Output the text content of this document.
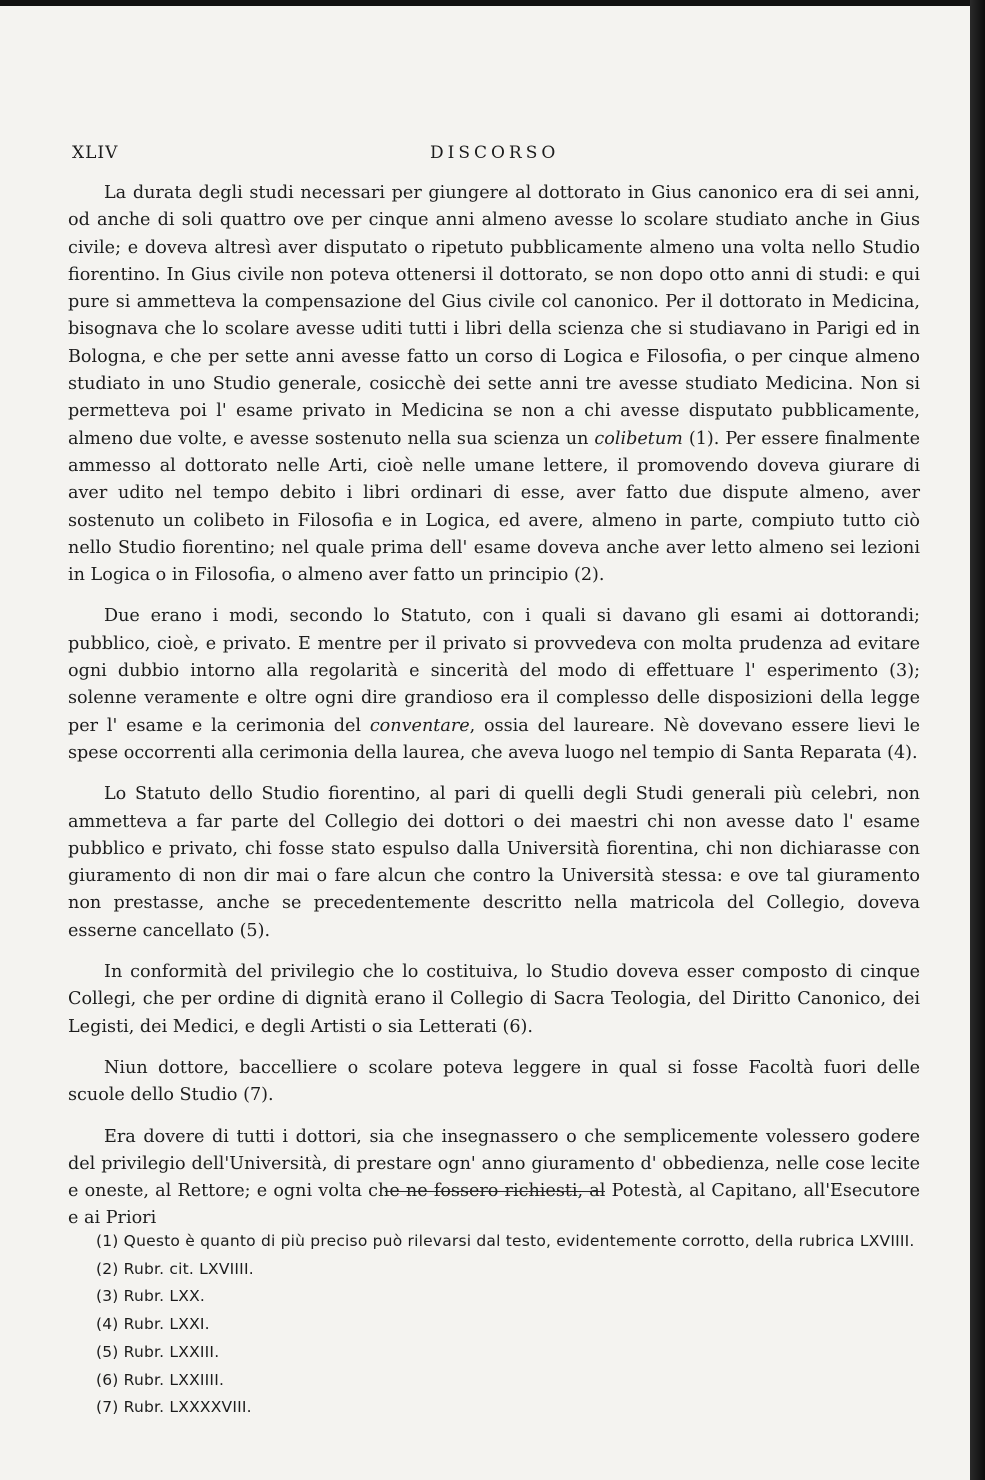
XLIV	DISCORSO

La durata degli studi necessari per giungere al dottorato in Gius canonico era di sei anni, od anche di soli quattro ove per cinque anni almeno avesse lo scolare studiato anche in Gius civile; e doveva altresì aver disputato o ripetuto pubblicamente almeno una volta nello Studio fiorentino. In Gius civile non poteva ottenersi il dottorato, se non dopo otto anni di studi: e qui pure si ammetteva la compensazione del Gius civile col canonico. Per il dottorato in Medicina, bisognava che lo scolare avesse uditi tutti i libri della scienza che si studiavano in Parigi ed in Bologna, e che per sette anni avesse fatto un corso di Logica e Filosofia, o per cinque almeno studiato in uno Studio generale, cosicchè dei sette anni tre avesse studiato Medicina. Non si permetteva poi l' esame privato in Medicina se non a chi avesse disputato pubblicamente, almeno due volte, e avesse sostenuto nella sua scienza un colibetum (1). Per essere finalmente ammesso al dottorato nelle Arti, cioè nelle umane lettere, il promovendo doveva giurare di aver udito nel tempo debito i libri ordinari di esse, aver fatto due dispute almeno, aver sostenuto un colibeto in Filosofia e in Logica, ed avere, almeno in parte, compiuto tutto ciò nello Studio fiorentino; nel quale prima dell' esame doveva anche aver letto almeno sei lezioni in Logica o in Filosofia, o almeno aver fatto un principio (2).

Due erano i modi, secondo lo Statuto, con i quali si davano gli esami ai dottorandi; pubblico, cioè, e privato. E mentre per il privato si provvedeva con molta prudenza ad evitare ogni dubbio intorno alla regolarità e sincerità del modo di effettuare l' esperimento (3); solenne veramente e oltre ogni dire grandioso era il complesso delle disposizioni della legge per l' esame e la cerimonia del conventare, ossia del laureare. Nè dovevano essere lievi le spese occorrenti alla cerimonia della laurea, che aveva luogo nel tempio di Santa Reparata (4).

Lo Statuto dello Studio fiorentino, al pari di quelli degli Studi generali più celebri, non ammetteva a far parte del Collegio dei dottori o dei maestri chi non avesse dato l' esame pubblico e privato, chi fosse stato espulso dalla Università fiorentina, chi non dichiarasse con giuramento di non dir mai o fare alcun che contro la Università stessa: e ove tal giuramento non prestasse, anche se precedentemente descritto nella matricola del Collegio, doveva esserne cancellato (5).

In conformità del privilegio che lo costituiva, lo Studio doveva esser composto di cinque Collegi, che per ordine di dignità erano il Collegio di Sacra Teologia, del Diritto Canonico, dei Legisti, dei Medici, e degli Artisti o sia Letterati (6).

Niun dottore, baccelliere o scolare poteva leggere in qual si fosse Facoltà fuori delle scuole dello Studio (7).

Era dovere di tutti i dottori, sia che insegnassero o che semplicemente volessero godere del privilegio dell'Università, di prestare ogn' anno giuramento d' obbedienza, nelle cose lecite e oneste, al Rettore; e ogni volta che ne fossero richiesti, al Potestà, al Capitano, all'Esecutore e ai Priori

(1) Questo è quanto di più preciso può rilevarsi dal testo, evidentemente corrotto, della rubrica LXVIIII.
(2) Rubr. cit. LXVIIII.
(3) Rubr. LXX.
(4) Rubr. LXXI.
(5) Rubr. LXXIII.
(6) Rubr. LXXIIII.
(7) Rubr. LXXXXVIII.
